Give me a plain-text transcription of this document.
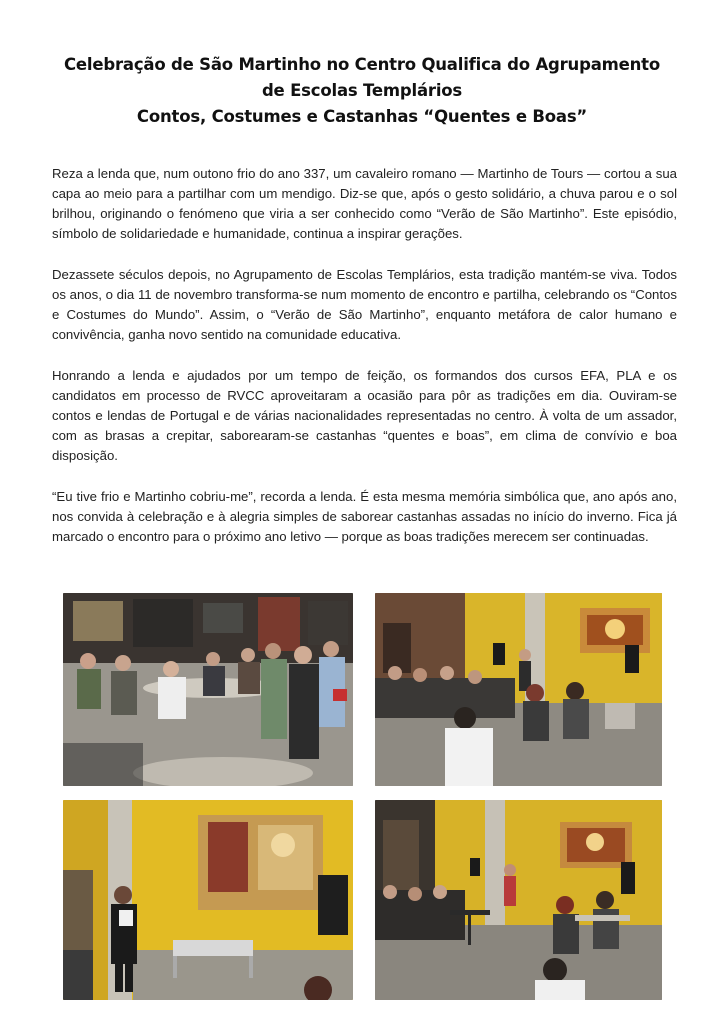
Celebração de São Martinho no Centro Qualifica do Agrupamento
de Escolas Templários
Contos, Costumes e Castanhas “Quentes e Boas”

Reza a lenda que, num outono frio do ano 337, um cavaleiro romano — Martinho de Tours — cortou a sua capa ao meio para a partilhar com um mendigo. Diz-se que, após o gesto solidário, a chuva parou e o sol brilhou, originando o fenómeno que viria a ser conhecido como “Verão de São Martinho”. Este episódio, símbolo de solidariedade e humanidade, continua a inspirar gerações.

Dezassete séculos depois, no Agrupamento de Escolas Templários, esta tradição mantém-se viva. Todos os anos, o dia 11 de novembro transforma-se num momento de encontro e partilha, celebrando os “Contos e Costumes do Mundo”. Assim, o “Verão de São Martinho”, enquanto metáfora de calor humano e convivência, ganha novo sentido na comunidade educativa.

Honrando a lenda e ajudados por um tempo de feição, os formandos dos cursos EFA, PLA e os candidatos em processo de RVCC aproveitaram a ocasião para pôr as tradições em dia. Ouviram-se contos e lendas de Portugal e de várias nacionalidades representadas no centro. À volta de um assador, com as brasas a crepitar, saborearam-se castanhas “quentes e boas”, em clima de convívio e boa disposição.

“Eu tive frio e Martinho cobriu-me”, recorda a lenda. É esta mesma memória simbólica que, ano após ano, nos convida à celebração e à alegria simples de saborear castanhas assadas no início do inverno. Fica já marcado o encontro para o próximo ano letivo — porque as boas tradições merecem ser continuadas.
